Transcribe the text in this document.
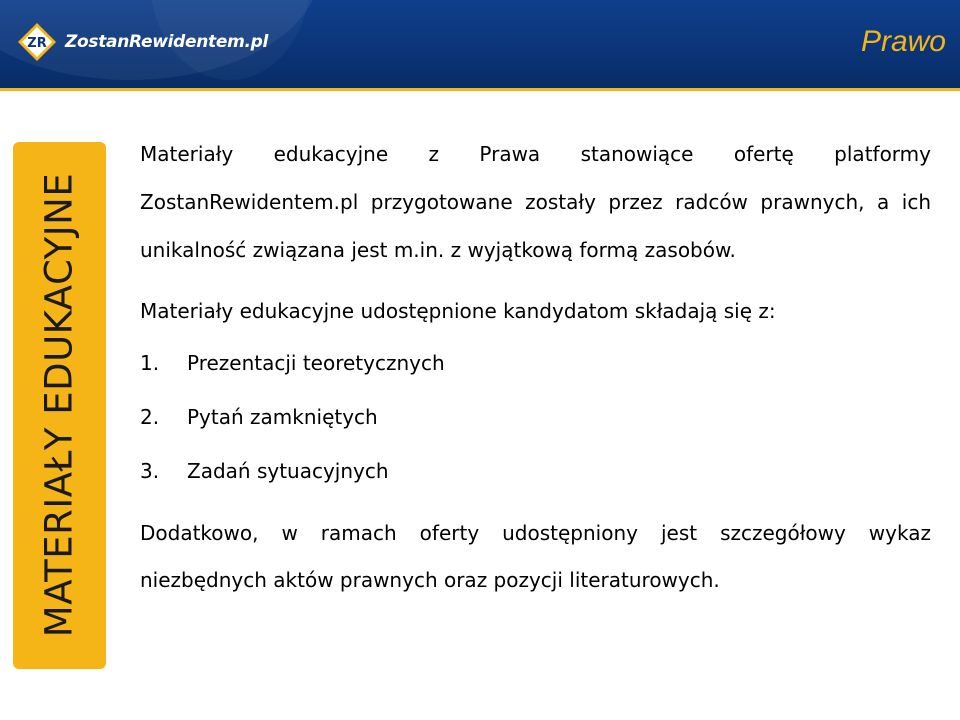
ZR ZostanRewidentem.pl	Prawo
MATERIAŁY EDUKACYJNE

Materiały edukacyjne z Prawa stanowiące ofertę platformy ZostanRewidentem.pl przygotowane zostały przez radców prawnych, a ich unikalność związana jest m.in. z wyjątkową formą zasobów.

Materiały edukacyjne udostępnione kandydatom składają się z:

1.	Prezentacji teoretycznych
2.	Pytań zamkniętych
3.	Zadań sytuacyjnych

Dodatkowo, w ramach oferty udostępniony jest szczegółowy wykaz niezbędnych aktów prawnych oraz pozycji literaturowych.
